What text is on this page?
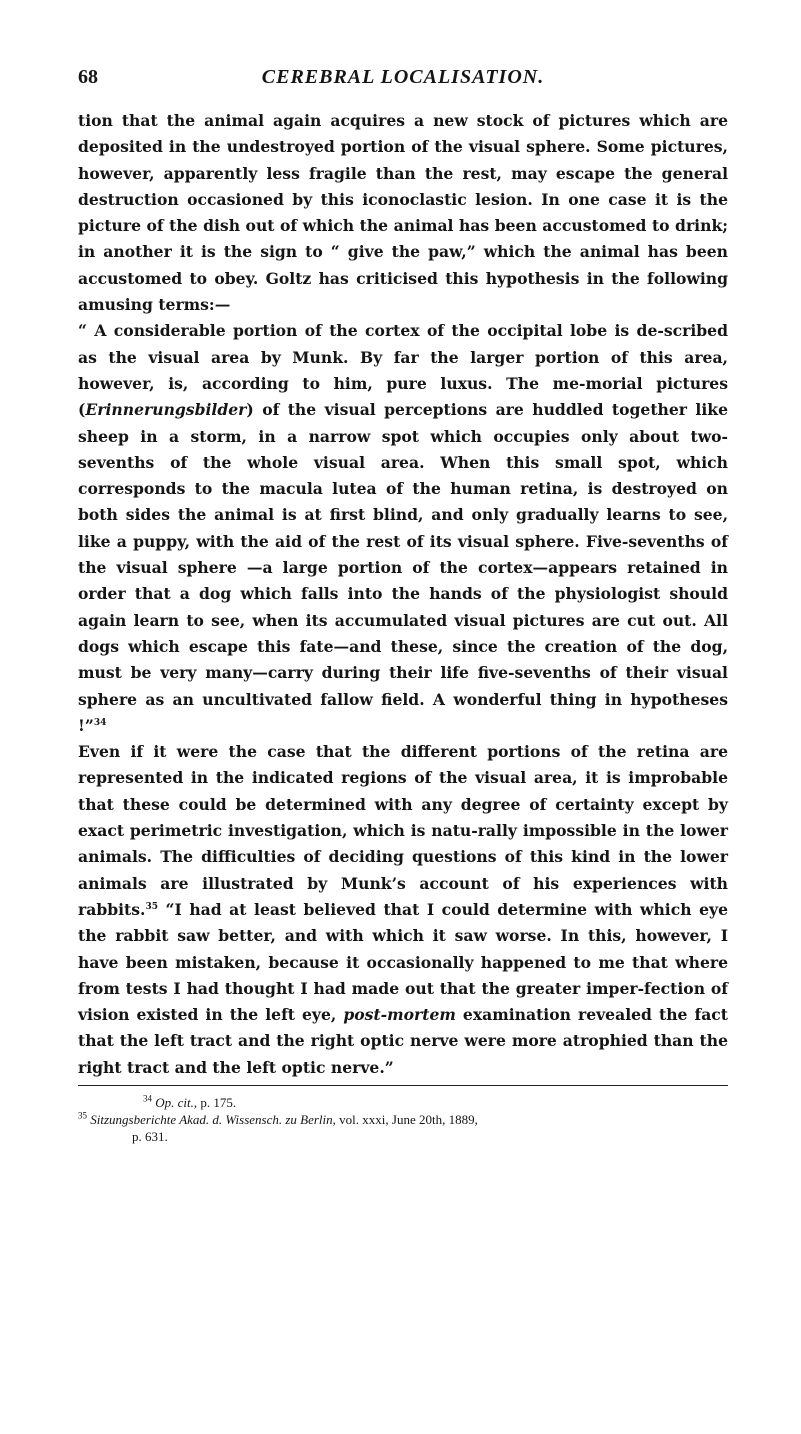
68	CEREBRAL LOCALISATION.

tion that the animal again acquires a new stock of pictures which are deposited in the undestroyed portion of the visual sphere. Some pictures, however, apparently less fragile than the rest, may escape the general destruction occasioned by this iconoclastic lesion. In one case it is the picture of the dish out of which the animal has been accustomed to drink; in another it is the sign to “ give the paw,” which the animal has been accustomed to obey. Goltz has criticised this hypothesis in the following amusing terms:—

“ A considerable portion of the cortex of the occipital lobe is de-scribed as the visual area by Munk. By far the larger portion of this area, however, is, according to him, pure luxus. The me-morial pictures (Erinnerungsbilder) of the visual perceptions are huddled together like sheep in a storm, in a narrow spot which occupies only about two-sevenths of the whole visual area. When this small spot, which corresponds to the macula lutea of the human retina, is destroyed on both sides the animal is at first blind, and only gradually learns to see, like a puppy, with the aid of the rest of its visual sphere. Five-sevenths of the visual sphere —a large portion of the cortex—appears retained in order that a dog which falls into the hands of the physiologist should again learn to see, when its accumulated visual pictures are cut out. All dogs which escape this fate—and these, since the creation of the dog, must be very many—carry during their life five-sevenths of their visual sphere as an uncultivated fallow field. A wonderful thing in hypotheses !”$^{34}$

Even if it were the case that the different portions of the retina are represented in the indicated regions of the visual area, it is improbable that these could be determined with any degree of certainty except by exact perimetric investigation, which is natu-rally impossible in the lower animals. The difficulties of deciding questions of this kind in the lower animals are illustrated by Munk’s account of his experiences with rabbits.$^{35}$ “I had at least believed that I could determine with which eye the rabbit saw better, and with which it saw worse. In this, however, I have been mistaken, because it occasionally happened to me that where from tests I had thought I had made out that the greater imper-fection of vision existed in the left eye, post-mortem examination revealed the fact that the left tract and the right optic nerve were more atrophied than the right tract and the left optic nerve.”

$^{34}$ Op. cit., p. 175.
$^{35}$ Sitzungsberichte Akad. d. Wissensch. zu Berlin, vol. xxxi, June 20th, 1889,
p. 631.
